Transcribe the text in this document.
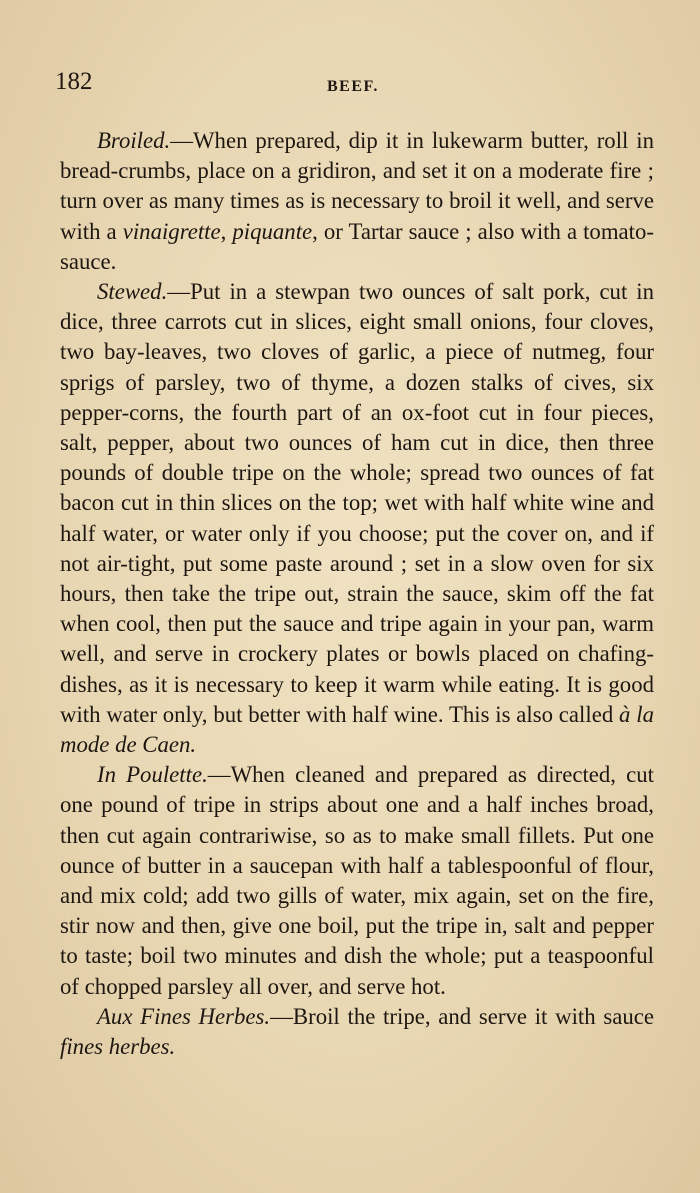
182	BEEF.

Broiled.—When prepared, dip it in lukewarm butter, roll in bread-crumbs, place on a gridiron, and set it on a moderate fire ; turn over as many times as is necessary to broil it well, and serve with a vinaigrette, piquante, or Tartar sauce ; also with a tomato-sauce.

Stewed.—Put in a stewpan two ounces of salt pork, cut in dice, three carrots cut in slices, eight small onions, four cloves, two bay-leaves, two cloves of garlic, a piece of nutmeg, four sprigs of parsley, two of thyme, a dozen stalks of cives, six pepper-corns, the fourth part of an ox-foot cut in four pieces, salt, pepper, about two ounces of ham cut in dice, then three pounds of double tripe on the whole; spread two ounces of fat bacon cut in thin slices on the top; wet with half white wine and half water, or water only if you choose; put the cover on, and if not air-tight, put some paste around ; set in a slow oven for six hours, then take the tripe out, strain the sauce, skim off the fat when cool, then put the sauce and tripe again in your pan, warm well, and serve in crockery plates or bowls placed on chafing-dishes, as it is necessary to keep it warm while eating. It is good with water only, but better with half wine. This is also called à la mode de Caen.

In Poulette.—When cleaned and prepared as directed, cut one pound of tripe in strips about one and a half inches broad, then cut again contrariwise, so as to make small fillets. Put one ounce of butter in a saucepan with half a tablespoonful of flour, and mix cold; add two gills of water, mix again, set on the fire, stir now and then, give one boil, put the tripe in, salt and pepper to taste; boil two minutes and dish the whole; put a teaspoonful of chopped parsley all over, and serve hot.

Aux Fines Herbes.—Broil the tripe, and serve it with sauce fines herbes.
